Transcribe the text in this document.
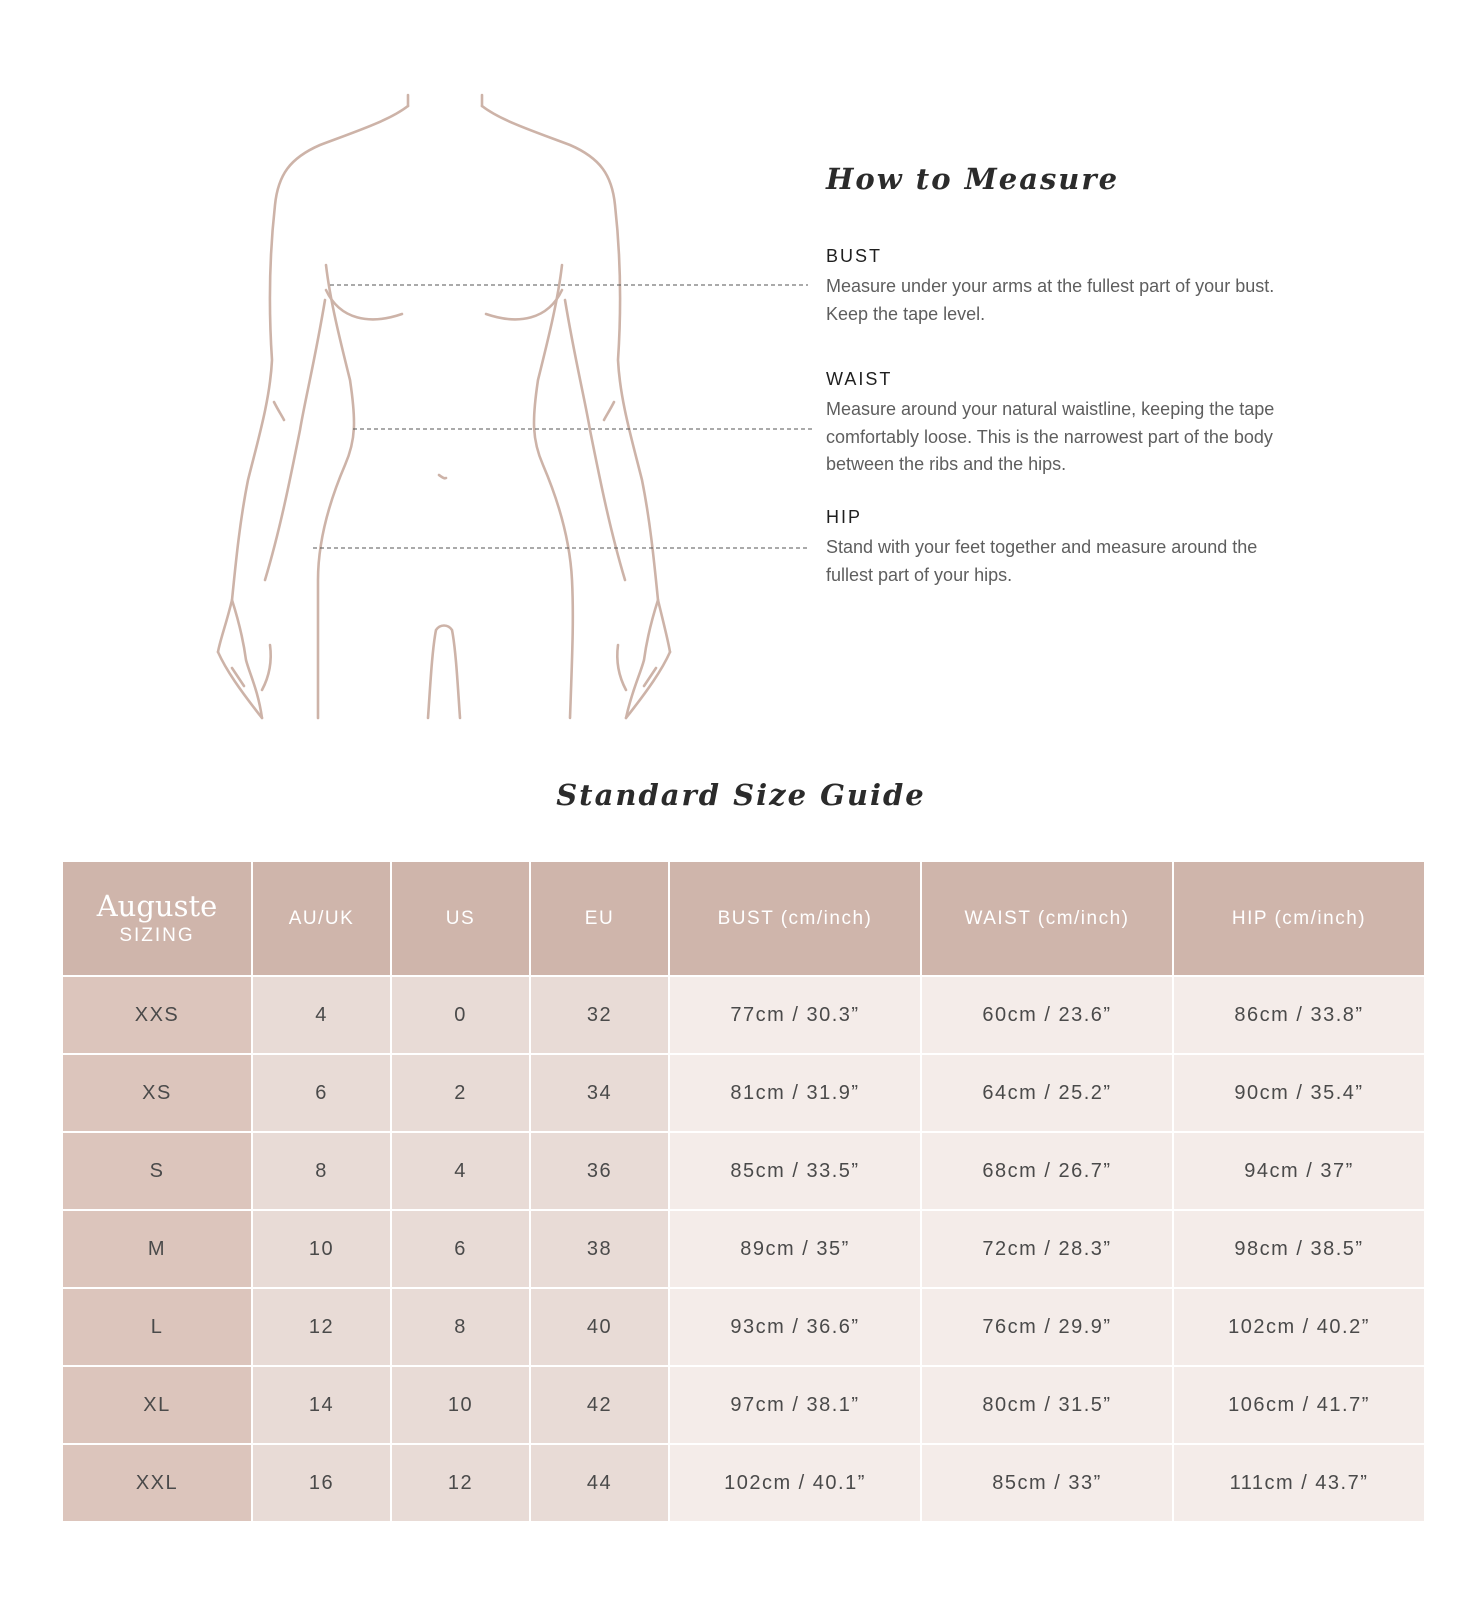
How to Measure

BUST

Measure under your arms at the fullest part of your bust. Keep the tape level.

WAIST

Measure around your natural waistline, keeping the tape comfortably loose. This is the narrowest part of the body between the ribs and the hips.

HIP

Stand with your feet together and measure around the fullest part of your hips.

Standard Size Guide
Auguste
SIZING	AU/UK	US	EU	BUST (cm/inch)	WAIST (cm/inch)	HIP (cm/inch)
XXS	4	0	32	77cm / 30.3”	60cm / 23.6”	86cm / 33.8”
XS	6	2	34	81cm / 31.9”	64cm / 25.2”	90cm / 35.4”
S	8	4	36	85cm / 33.5”	68cm / 26.7”	94cm / 37”
M	10	6	38	89cm / 35”	72cm / 28.3”	98cm / 38.5”
L	12	8	40	93cm / 36.6”	76cm / 29.9”	102cm / 40.2”
XL	14	10	42	97cm / 38.1”	80cm / 31.5”	106cm / 41.7”
XXL	16	12	44	102cm / 40.1”	85cm / 33”	111cm / 43.7”
